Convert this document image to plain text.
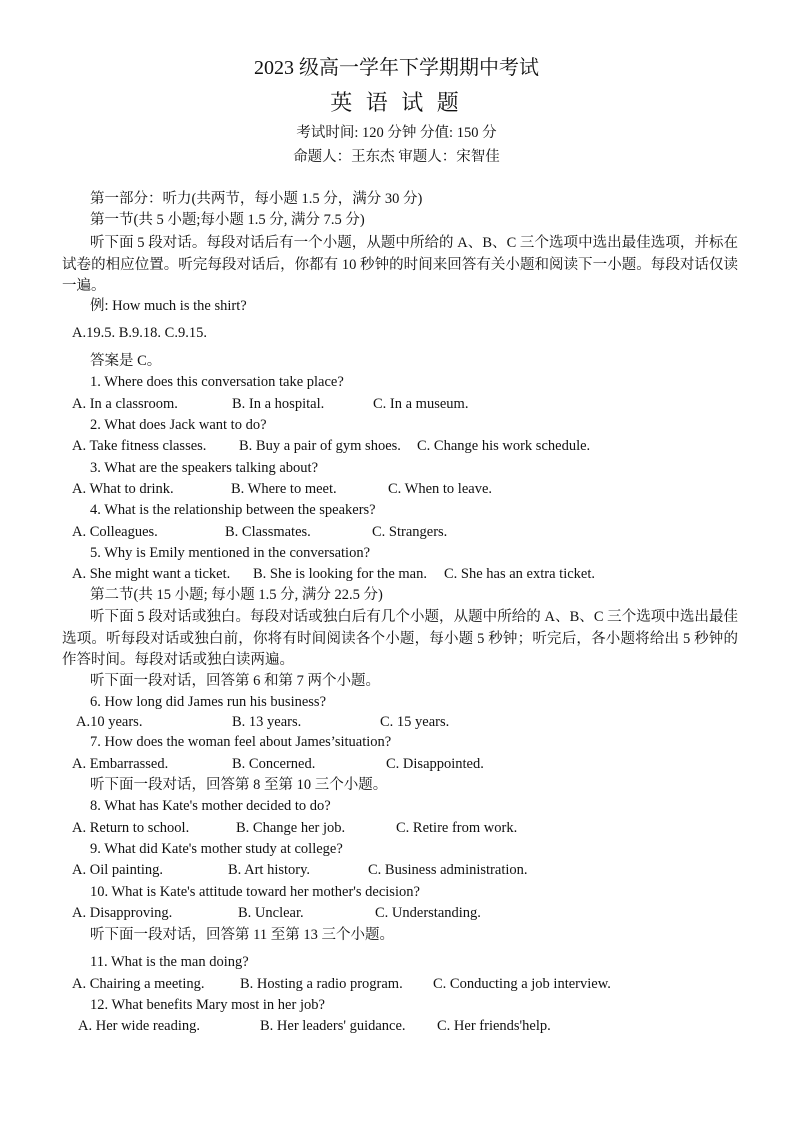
2023 级高一学年下学期期中考试
英 语 试 题
考试时间: 120 分钟 分值: 150 分
命题人：王东杰 审题人：宋智佳
第一部分：听力(共两节，每小题 1.5 分，满分 30 分)
第一节(共 5 小题;每小题 1.5 分, 满分 7.5 分)
听下面 5 段对话。每段对话后有一个小题，从题中所给的 A、B、C 三个选项中选出最佳选项，并标在试卷的相应位置。听完每段对话后，你都有 10 秒钟的时间来回答有关小题和阅读下一小题。每段对话仅读一遍。
例: How much is the shirt?
A.19.5. B.9.18. C.9.15.
答案是 C。
1. Where does this conversation take place?
A. In a classroom.	B. In a hospital.	C. In a museum.
2. What does Jack want to do?
A. Take fitness classes. B. Buy a pair of gym shoes. C. Change his work schedule.
3. What are the speakers talking about?
A. What to drink.	B. Where to meet.	C. When to leave.
4. What is the relationship between the speakers?
A. Colleagues.	B. Classmates.	C. Strangers.
5. Why is Emily mentioned in the conversation?
A. She might want a ticket. B. She is looking for the man. C. She has an extra ticket.
第二节(共 15 小题; 每小题 1.5 分, 满分 22.5 分)
听下面 5 段对话或独白。每段对话或独白后有几个小题，从题中所给的 A、B、C 三个选项中选出最佳选项。听每段对话或独白前，你将有时间阅读各个小题，每小题 5 秒钟；听完后，各小题将给出 5 秒钟的作答时间。每段对话或独白读两遍。
听下面一段对话，回答第 6 和第 7 两个小题。
6. How long did James run his business?
A.10 years.	B. 13 years.	C. 15 years.
7. How does the woman feel about James’situation?
A. Embarrassed.	B. Concerned.	C. Disappointed.
听下面一段对话，回答第 8 至第 10 三个小题。
8. What has Kate's mother decided to do?
A. Return to school.	B. Change her job.	C. Retire from work.
9. What did Kate's mother study at college?
A. Oil painting.	B. Art history.	C. Business administration.
10. What is Kate's attitude toward her mother's decision?
A. Disapproving.	B. Unclear.	C. Understanding.
听下面一段对话，回答第 11 至第 13 三个小题。
11. What is the man doing?
A. Chairing a meeting. B. Hosting a radio program. C. Conducting a job interview.
12. What benefits Mary most in her job?
A. Her wide reading.	B. Her leaders' guidance. C. Her friends'help.
